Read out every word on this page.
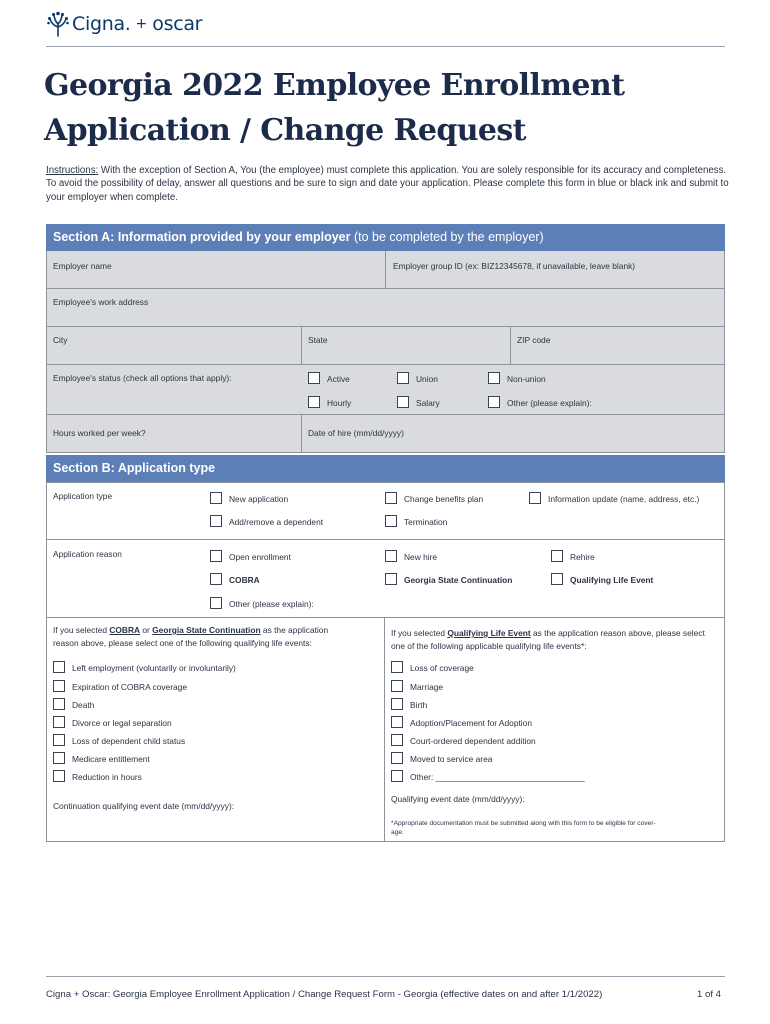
Cigna. + oscar
Georgia 2022 Employee Enrollment
Application / Change Request
Instructions: With the exception of Section A, You (the employee) must complete this application. You are solely responsible for its accuracy and completeness. To avoid the possibility of delay, answer all questions and be sure to sign and date your application. Please complete this form in blue or black ink and submit to your employer when complete.
Section A: Information provided by your employer (to be completed by the employer)
Employer name	Employer group ID (ex: BIZ12345678, if unavailable, leave blank)
Employee's work address
City	State	ZIP code
Employee's status (check all options that apply):	Active	Union	Non-union
Hourly	Salary	Other (please explain):
Hours worked per week?	Date of hire (mm/dd/yyyy)
Section B: Application type
Application type	New application	Change benefits plan	Information update (name, address, etc.)
Add/remove a dependent	Termination
Application reason	Open enrollment	New hire	Rehire
COBRA	Georgia State Continuation	Qualifying Life Event
Other (please explain):
If you selected COBRA or Georgia State Continuation as the application
reason above, please select one of the following qualifying life events:
Left employment (voluntarily or involuntarily)
Expiration of COBRA coverage
Death
Divorce or legal separation
Loss of dependent child status
Medicare entitlement
Reduction in hours
Continuation qualifying event date (mm/dd/yyyy):
If you selected Qualifying Life Event as the application reason above, please select
one of the following applicable qualifying life events*:
Loss of coverage
Marriage
Birth
Adoption/Placement for Adoption
Court-ordered dependent addition
Moved to service area
Other: ________________________________
Qualifying event date (mm/dd/yyyy):
*Appropriate documentation must be submitted along with this form to be eligible for cover-
age.
Cigna + Oscar: Georgia Employee Enrollment Application / Change Request Form - Georgia (effective dates on and after 1/1/2022)	1 of 4
